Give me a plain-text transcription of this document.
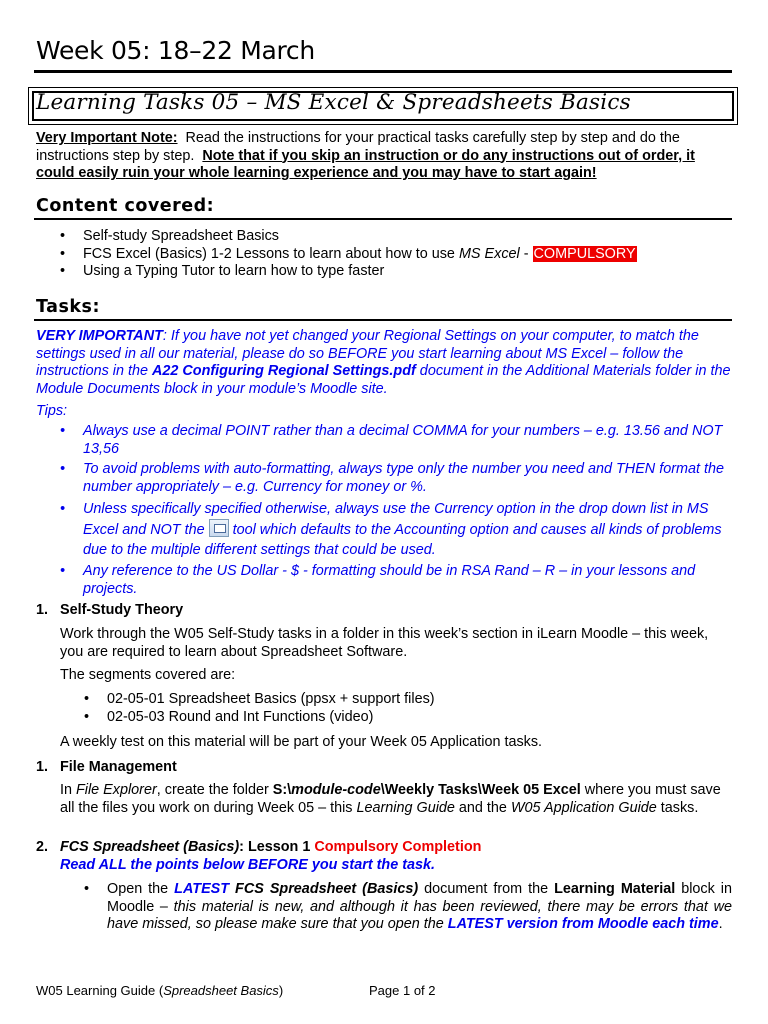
Week 05: 18–22 March
Learning Tasks 05 – MS Excel & Spreadsheets Basics
Very Important Note: Read the instructions for your practical tasks carefully step by step and do the instructions step by step. Note that if you skip an instruction or do any instructions out of order, it could easily ruin your whole learning experience and you may have to start again!
Content covered:
• Self-study Spreadsheet Basics
• FCS Excel (Basics) 1-2 Lessons to learn about how to use MS Excel - COMPULSORY
• Using a Typing Tutor to learn how to type faster
Tasks:
VERY IMPORTANT: If you have not yet changed your Regional Settings on your computer, to match the settings used in all our material, please do so BEFORE you start learning about MS Excel – follow the instructions in the A22 Configuring Regional Settings.pdf document in the Additional Materials folder in the Module Documents block in your module’s Moodle site.
Tips:
• Always use a decimal POINT rather than a decimal COMMA for your numbers – e.g. 13.56 and NOT 13,56
• To avoid problems with auto-formatting, always type only the number you need and THEN format the number appropriately – e.g. Currency for money or %.
• Unless specifically specified otherwise, always use the Currency option in the drop down list in MS Excel and NOT the  tool which defaults to the Accounting option and causes all kinds of problems due to the multiple different settings that could be used.
• Any reference to the US Dollar - $ - formatting should be in RSA Rand – R – in your lessons and projects.
1. Self-Study Theory
Work through the W05 Self-Study tasks in a folder in this week’s section in iLearn Moodle – this week, you are required to learn about Spreadsheet Software.
The segments covered are:
• 02-05-01 Spreadsheet Basics (ppsx + support files)
• 02-05-03 Round and Int Functions (video)
A weekly test on this material will be part of your Week 05 Application tasks.
1. File Management
In File Explorer, create the folder S:\module-code\Weekly Tasks\Week 05 Excel where you must save all the files you work on during Week 05 – this Learning Guide and the W05 Application Guide tasks.
2. FCS Spreadsheet (Basics): Lesson 1 Compulsory Completion
Read ALL the points below BEFORE you start the task.
• Open the LATEST FCS Spreadsheet (Basics) document from the Learning Material block in Moodle – this material is new, and although it has been reviewed, there may be errors that we have missed, so please make sure that you open the LATEST version from Moodle each time.
W05 Learning Guide (Spreadsheet Basics)	Page 1 of 2
